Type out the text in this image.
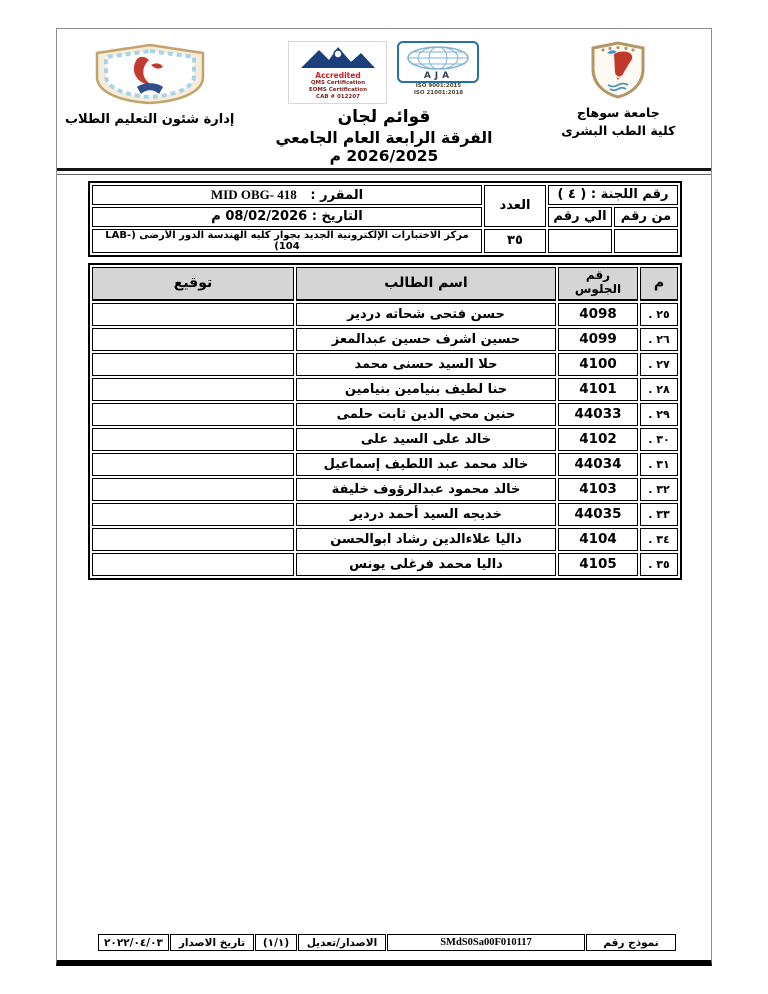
إدارة شئون التعليم الطلاب
EGAC
Accredited
QMS Certification
EOMS Certification
CAB # 012207
AJA
ISO 9001:2015
ISO 21001:2018
قوائم لجان
الفرقة الرابعة العام الجامعي 2026/2025 م
جامعة سوهاج
كلية الطب البشرى
رقم اللجنة : ( ٤ )		العدد	المقرر :   MID OBG- 418
من رقم	الي رقم		التاريخ : 08/02/2026 م
		٣٥	مركز الاختبارات الإلكترونية الجديد بجوار كليه الهندسة الدور الأرضى (LAB-104)
م	رقم الجلوس	اسم الطالب	توقيع
٢٥ .	4098	حسن فتحى شحاته دردير	
٢٦ .	4099	حسين اشرف حسين عبدالمعز	
٢٧ .	4100	حلا السيد حسنى محمد	
٢٨ .	4101	حنا لطيف بنيامين بنيامين	
٢٩ .	44033	حنين محي الدين ثابت حلمى	
٣٠ .	4102	خالد على السيد على	
٣١ .	44034	خالد محمد عبد اللطيف إسماعيل	
٣٢ .	4103	خالد محمود عبدالرؤوف خليفة	
٣٣ .	44035	خديجه السيد أحمد دردير	
٣٤ .	4104	داليا علاءالدين رشاد ابوالحسن	
٣٥ .	4105	داليا محمد فرغلى يونس	
نموذج رقم	SMdS0Sa00F010117	الاصدار/تعديل	(١/١)	تاريخ الاصدار	٢٠٢٢/٠٤/٠٣
